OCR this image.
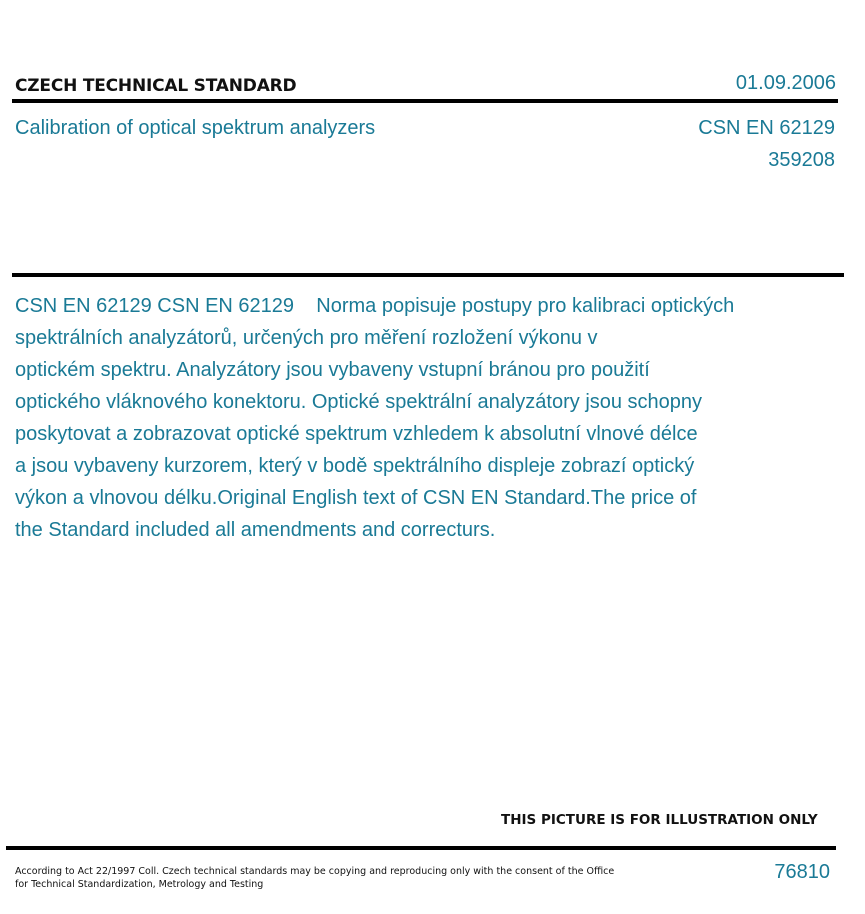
CZECH TECHNICAL STANDARD	01.09.2006
Calibration of optical spektrum analyzers	CSN EN 62129
359208
CSN EN 62129 CSN EN 62129    Norma popisuje postupy pro kalibraci optických
spektrálních analyzátorů, určených pro měření rozložení výkonu v
optickém spektru. Analyzátory jsou vybaveny vstupní bránou pro použití
optického vláknového konektoru. Optické spektrální analyzátory jsou schopny
poskytovat a zobrazovat optické spektrum vzhledem k absolutní vlnové délce
a jsou vybaveny kurzorem, který v bodě spektrálního displeje zobrazí optický
výkon a vlnovou délku.Original English text of CSN EN Standard.The price of
the Standard included all amendments and correcturs.
THIS PICTURE IS FOR ILLUSTRATION ONLY
According to Act 22/1997 Coll. Czech technical standards may be copying and reproducing only with the consent of the Office
for Technical Standardization, Metrology and Testing
76810
